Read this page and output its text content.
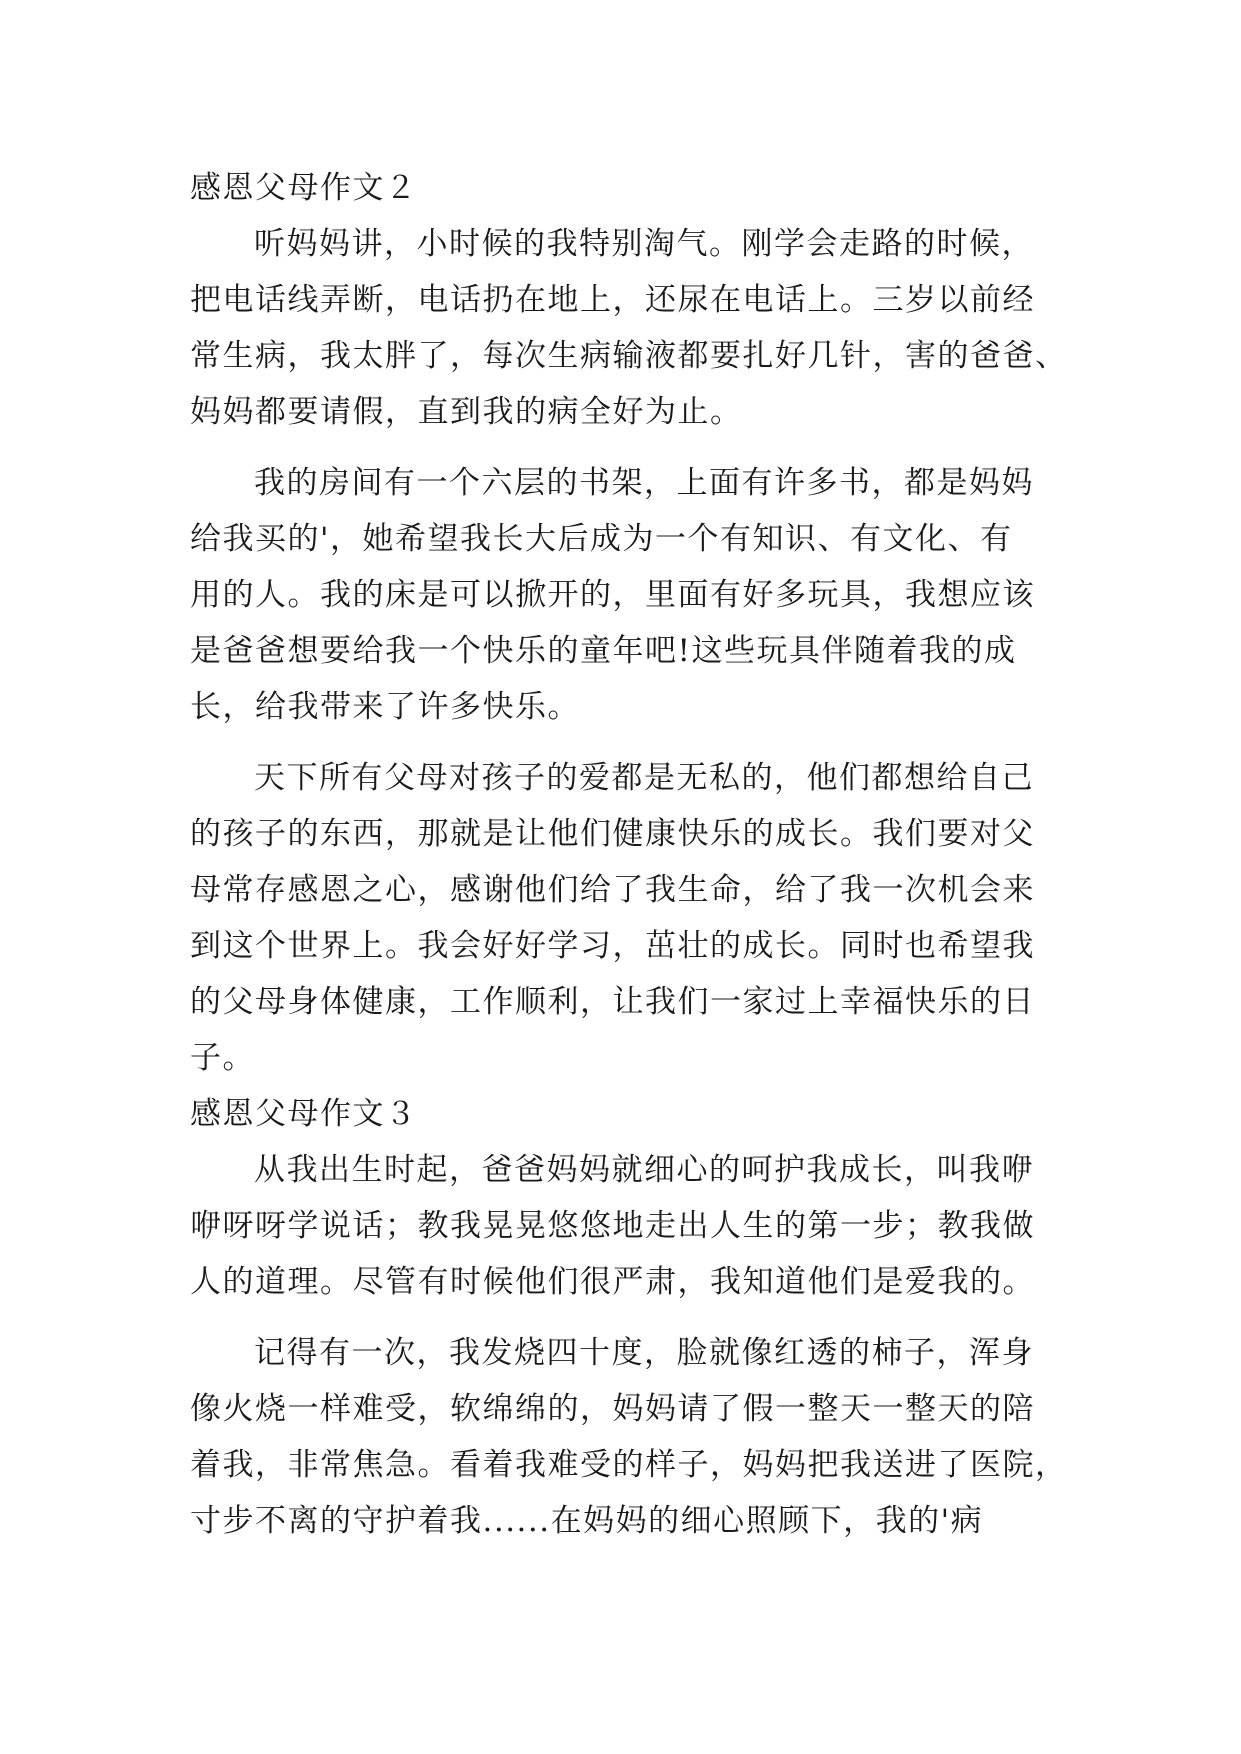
感恩父母作文２
听妈妈讲，小时候的我特别淘气。刚学会走路的时候，
把电话线弄断，电话扔在地上，还尿在电话上。三岁以前经
常生病，我太胖了，每次生病输液都要扎好几针，害的爸爸、
妈妈都要请假，直到我的病全好为止。
我的房间有一个六层的书架，上面有许多书，都是妈妈
给我买的'，她希望我长大后成为一个有知识、有文化、有
用的人。我的床是可以掀开的，里面有好多玩具，我想应该
是爸爸想要给我一个快乐的童年吧!这些玩具伴随着我的成
长，给我带来了许多快乐。
天下所有父母对孩子的爱都是无私的，他们都想给自己
的孩子的东西，那就是让他们健康快乐的成长。我们要对父
母常存感恩之心，感谢他们给了我生命，给了我一次机会来
到这个世界上。我会好好学习，茁壮的成长。同时也希望我
的父母身体健康，工作顺利，让我们一家过上幸福快乐的日
子。
感恩父母作文３
从我出生时起，爸爸妈妈就细心的呵护我成长，叫我咿
咿呀呀学说话；教我晃晃悠悠地走出人生的第一步；教我做
人的道理。尽管有时候他们很严肃，我知道他们是爱我的。
记得有一次，我发烧四十度，脸就像红透的柿子，浑身
像火烧一样难受，软绵绵的，妈妈请了假一整天一整天的陪
着我，非常焦急。看着我难受的样子，妈妈把我送进了医院，
寸步不离的守护着我......在妈妈的细心照顾下，我的'病
